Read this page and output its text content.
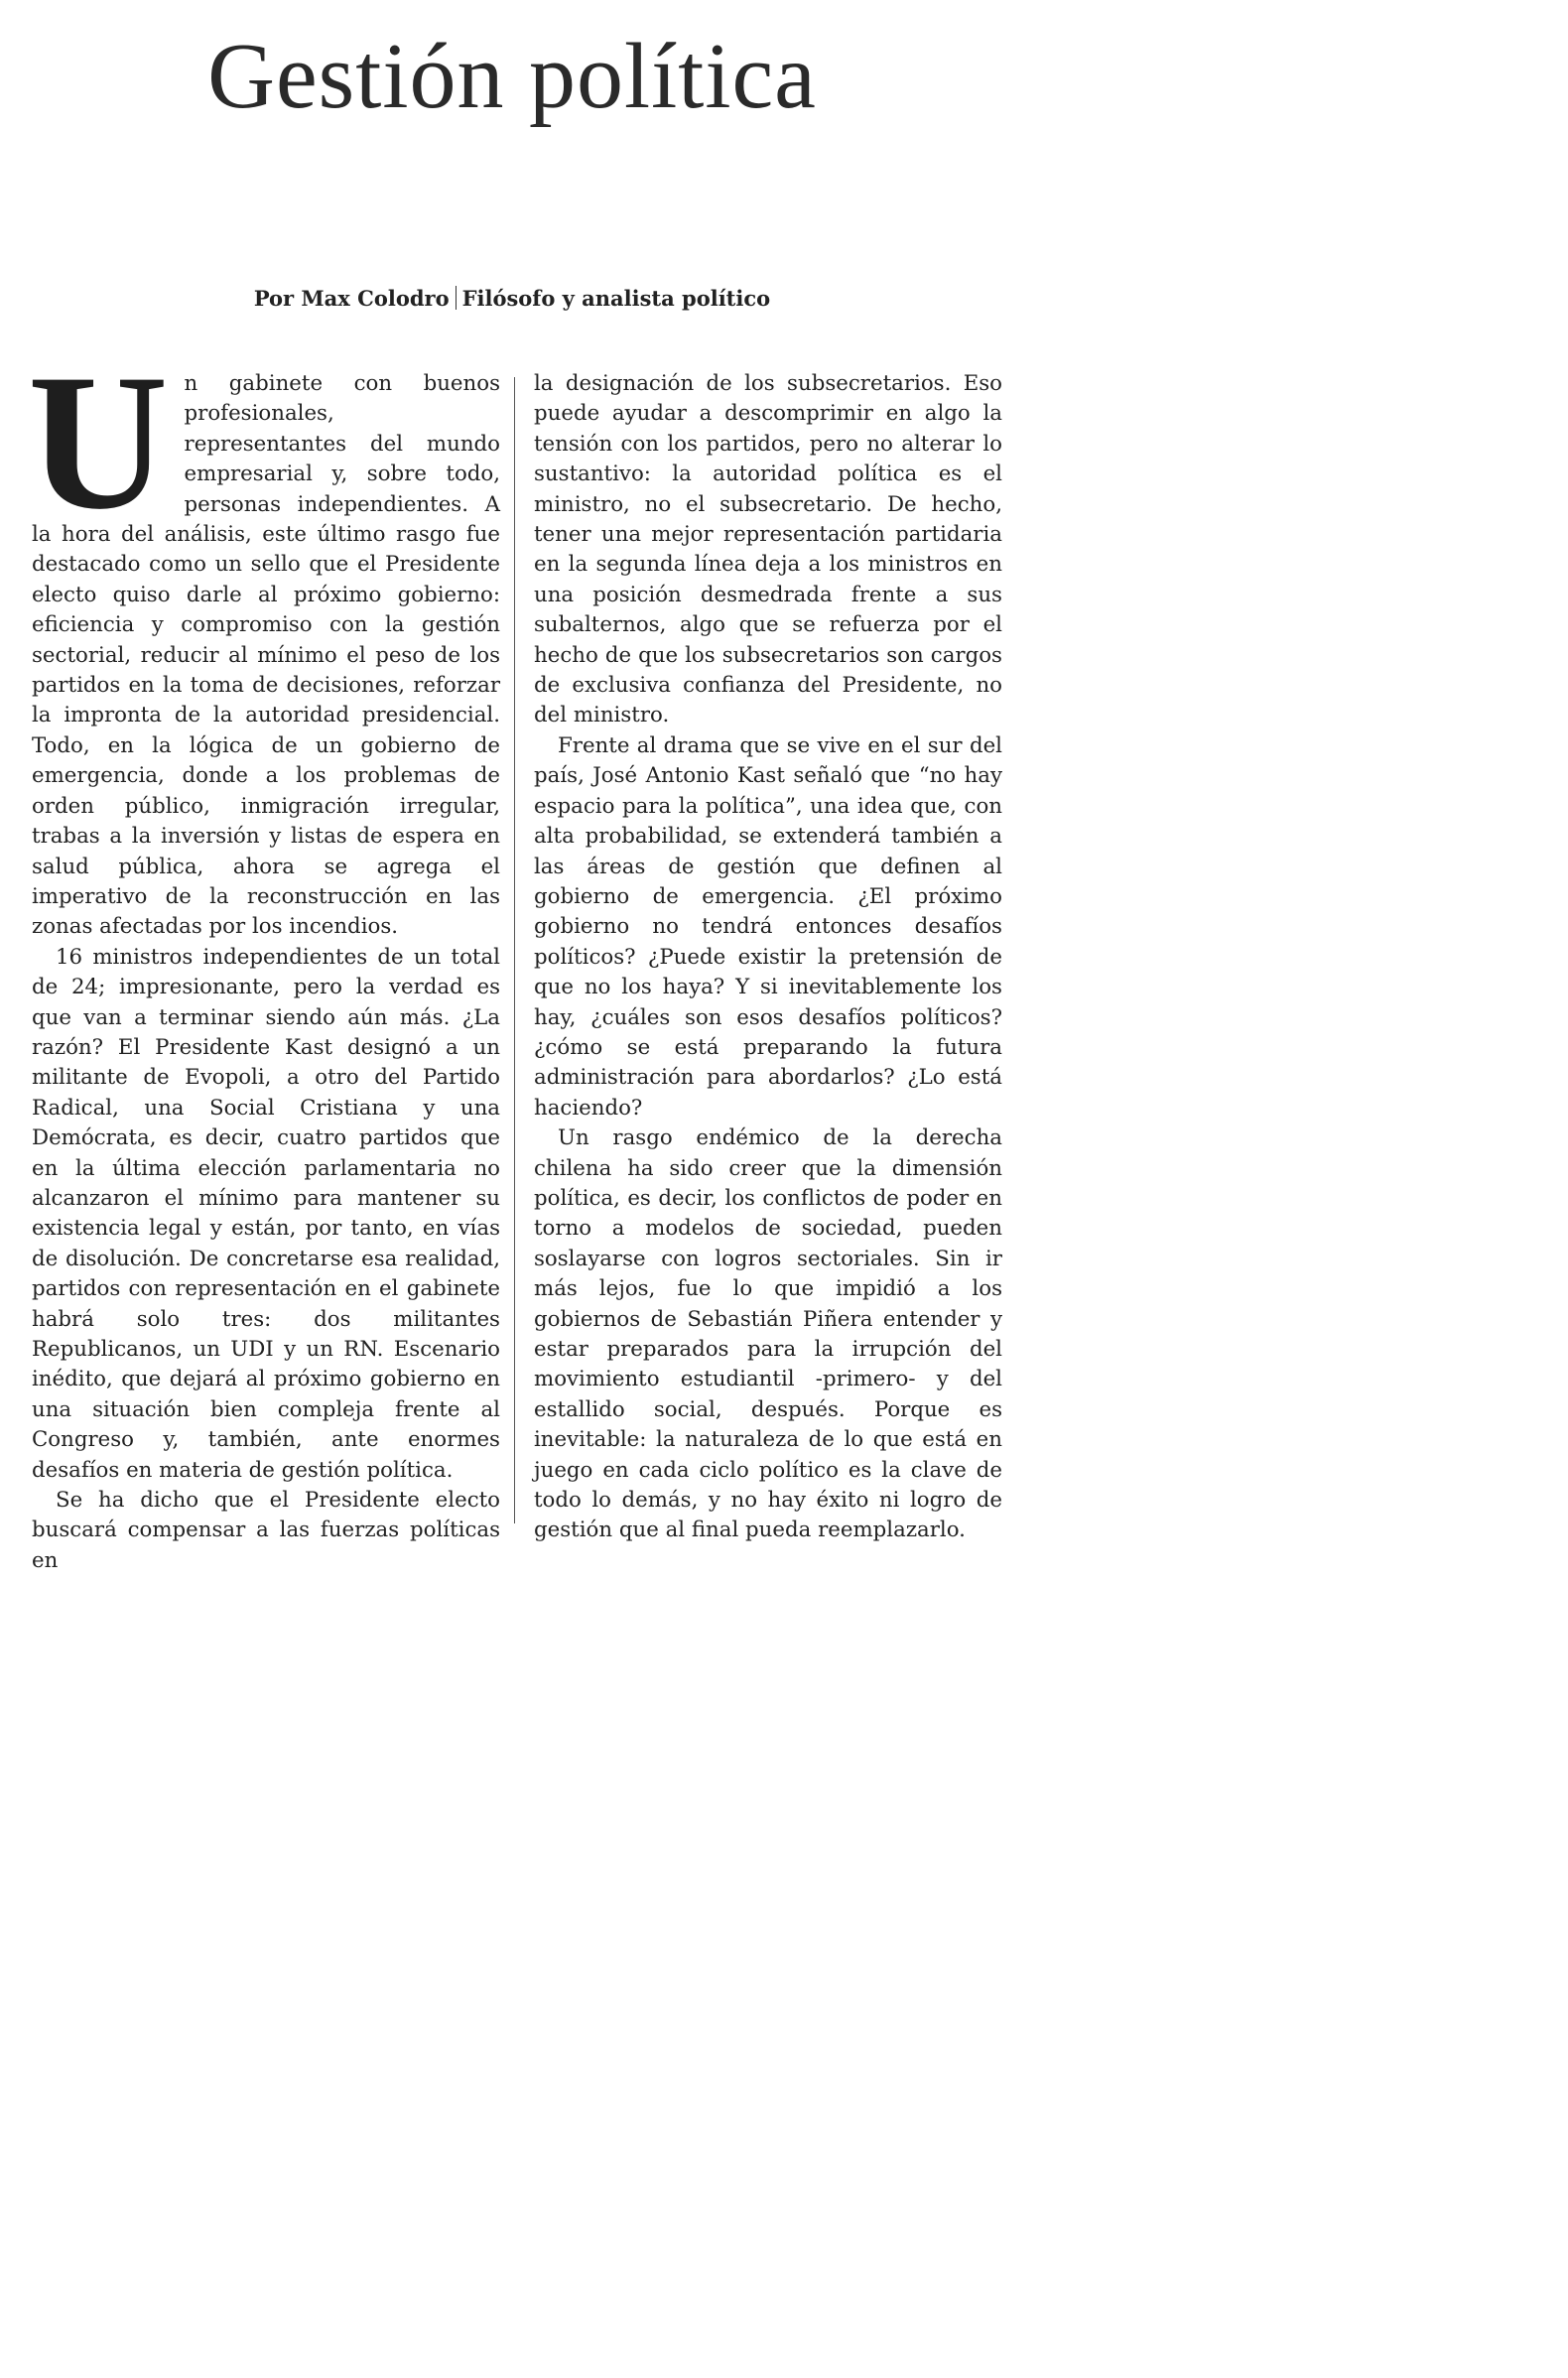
Gestión política
Por Max Colodro Filósofo y analista político

Un gabinete con buenos profesionales, representantes del mundo empresarial y, sobre todo, personas independientes. A la hora del análisis, este último rasgo fue destacado como un sello que el Presidente electo quiso darle al próximo gobierno: eficiencia y compromiso con la gestión sectorial, reducir al mínimo el peso de los partidos en la toma de decisiones, reforzar la impronta de la autoridad presidencial. Todo, en la lógica de un gobierno de emergencia, donde a los problemas de orden público, inmigración irregular, trabas a la inversión y listas de espera en salud pública, ahora se agrega el imperativo de la reconstrucción en las zonas afectadas por los incendios.

16 ministros independientes de un total de 24; impresionante, pero la verdad es que van a terminar siendo aún más. ¿La razón? El Presidente Kast designó a un militante de Evopoli, a otro del Partido Radical, una Social Cristiana y una Demócrata, es decir, cuatro partidos que en la última elección parlamentaria no alcanzaron el mínimo para mantener su existencia legal y están, por tanto, en vías de disolución. De concretarse esa realidad, partidos con representación en el gabinete habrá solo tres: dos militantes Republicanos, un UDI y un RN. Escenario inédito, que dejará al próximo gobierno en una situación bien compleja frente al Congreso y, también, ante enormes desafíos en materia de gestión política.

Se ha dicho que el Presidente electo buscará compensar a las fuerzas políticas en

la designación de los subsecretarios. Eso puede ayudar a descomprimir en algo la tensión con los partidos, pero no alterar lo sustantivo: la autoridad política es el ministro, no el subsecretario. De hecho, tener una mejor representación partidaria en la segunda línea deja a los ministros en una posición desmedrada frente a sus subalternos, algo que se refuerza por el hecho de que los subsecretarios son cargos de exclusiva confianza del Presidente, no del ministro.

Frente al drama que se vive en el sur del país, José Antonio Kast señaló que “no hay espacio para la política”, una idea que, con alta probabilidad, se extenderá también a las áreas de gestión que definen al gobierno de emergencia. ¿El próximo gobierno no tendrá entonces desafíos políticos? ¿Puede existir la pretensión de que no los haya? Y si inevitablemente los hay, ¿cuáles son esos desafíos políticos? ¿cómo se está preparando la futura administración para abordarlos? ¿Lo está haciendo?

Un rasgo endémico de la derecha chilena ha sido creer que la dimensión política, es decir, los conflictos de poder en torno a modelos de sociedad, pueden soslayarse con logros sectoriales. Sin ir más lejos, fue lo que impidió a los gobiernos de Sebastián Piñera entender y estar preparados para la irrupción del movimiento estudiantil -primero- y del estallido social, después. Porque es inevitable: la naturaleza de lo que está en juego en cada ciclo político es la clave de todo lo demás, y no hay éxito ni logro de gestión que al final pueda reemplazarlo.
